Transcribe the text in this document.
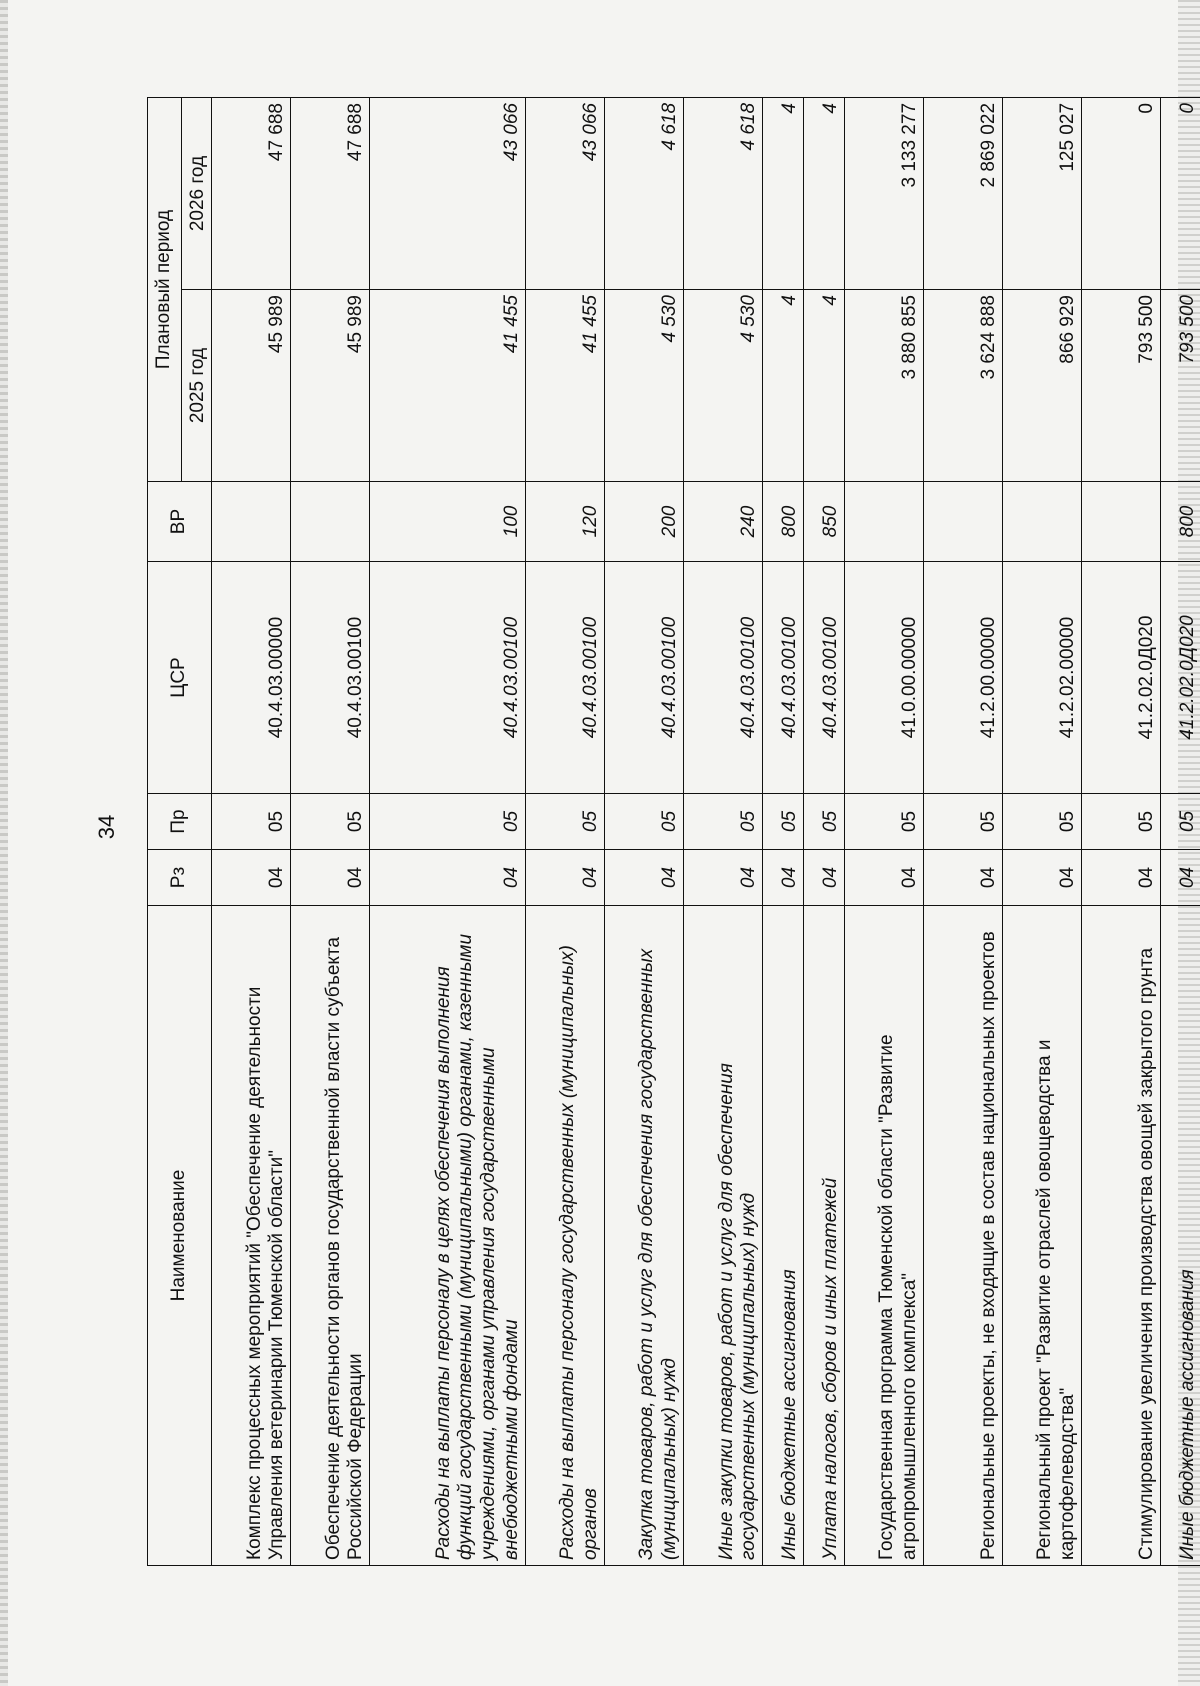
34
Наименование	Рз	Пр	ЦСР	ВР	Плановый период	
					2025 год	2026 год
Комплекс процессных мероприятий "Обеспечение деятельности Управления ветеринарии Тюменской области"	04	05	40.4.03.00000		45 989	47 688
Обеспечение деятельности органов государственной власти субъекта Российской Федерации	04	05	40.4.03.00100		45 989	47 688
Расходы на выплаты персоналу в целях обеспечения выполнения функций государственными (муниципальными) органами, казенными учреждениями, органами управления государственными внебюджетными фондами	04	05	40.4.03.00100	100	41 455	43 066
Расходы на выплаты персоналу государственных (муниципальных) органов	04	05	40.4.03.00100	120	41 455	43 066
Закупка товаров, работ и услуг для обеспечения государственных (муниципальных) нужд	04	05	40.4.03.00100	200	4 530	4 618
Иные закупки товаров, работ и услуг для обеспечения государственных (муниципальных) нужд	04	05	40.4.03.00100	240	4 530	4 618
Иные бюджетные ассигнования	04	05	40.4.03.00100	800	4	4
Уплата налогов, сборов и иных платежей	04	05	40.4.03.00100	850	4	4
Государственная программа Тюменской области "Развитие агропромышленного комплекса"	04	05	41.0.00.00000		3 880 855	3 133 277
Региональные проекты, не входящие в состав национальных проектов	04	05	41.2.00.00000		3 624 888	2 869 022
Региональный проект "Развитие отраслей овощеводства и картофелеводства"	04	05	41.2.02.00000		866 929	125 027
Стимулирование увеличения производства овощей закрытого грунта	04	05	41.2.02.0Д020		793 500	0
Иные бюджетные ассигнования	04	05	41.2.02.0Д020	800	793 500	0
